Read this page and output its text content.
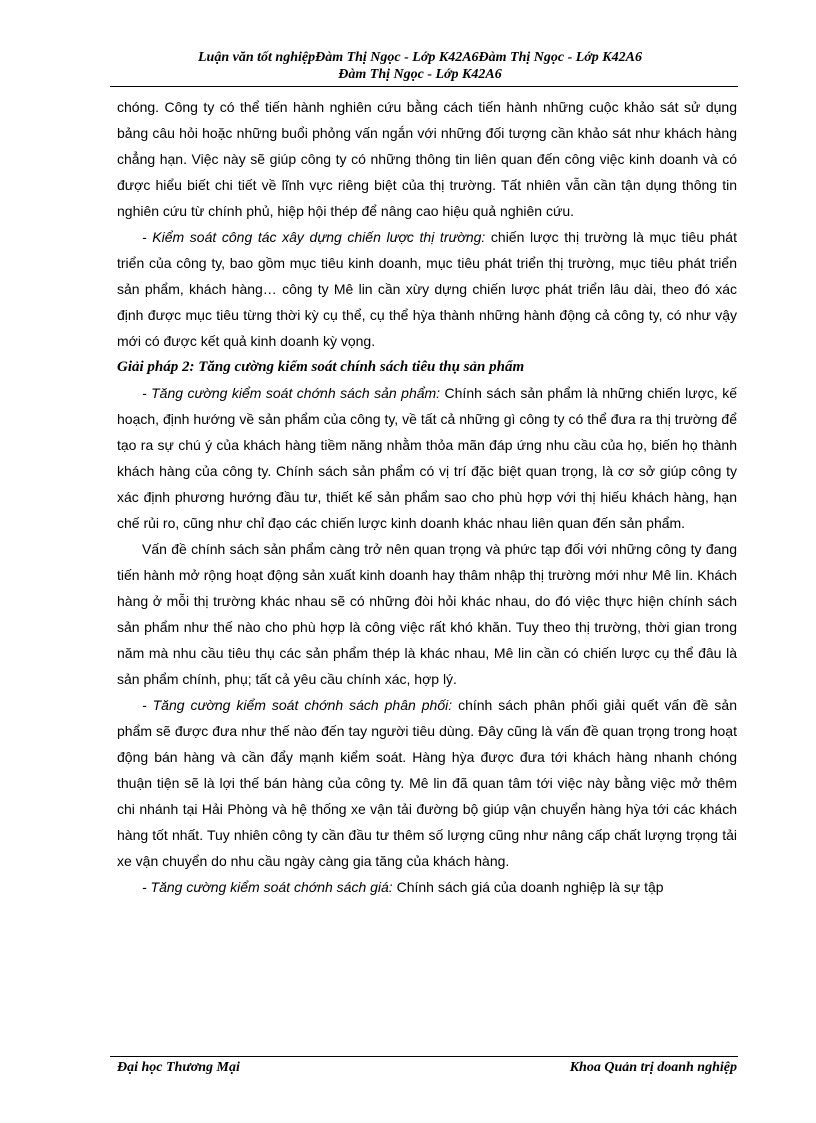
Luận văn tốt nghiệpĐàm Thị Ngọc - Lớp K42A6Đàm Thị Ngọc - Lớp K42A6
Đàm Thị Ngọc - Lớp K42A6

chóng. Công ty có thể tiến hành nghiên cứu bằng cách tiến hành những cuộc khảo sát sử dụng bảng câu hỏi hoặc những buổi phỏng vấn ngắn với những đối tượng cần khảo sát như khách hàng chẳng hạn. Việc này sẽ giúp công ty có những thông tin liên quan đến công việc kinh doanh và có được hiểu biết chi tiết về lĩnh vực riêng biệt của thị trường. Tất nhiên vẫn cần tận dụng thông tin nghiên cứu từ chính phủ, hiệp hội thép để nâng cao hiệu quả nghiên cứu.

- Kiểm soát công tác xây dựng chiến lược thị trường: chiến lược thị trường là mục tiêu phát triển của công ty, bao gồm mục tiêu kinh doanh, mục tiêu phát triển thị trường, mục tiêu phát triển sản phẩm, khách hàng… công ty Mê lin cần xừy dựng chiến lược phát triển lâu dài, theo đó xác định được mục tiêu từng thời kỳ cụ thể, cụ thể hỳa thành những hành động cả công ty, có như vậy mới có được kết quả kinh doanh kỳ vọng.

Giải pháp 2: Tăng cường kiểm soát chính sách tiêu thụ sản phẩm

- Tăng cường kiểm soát chớnh sách sản phẩm: Chính sách sản phẩm là những chiến lược, kế hoạch, định hướng về sản phẩm của công ty, về tất cả những gì công ty có thể đưa ra thị trường để tạo ra sự chú ý của khách hàng tiềm năng nhằm thỏa mãn đáp ứng nhu cầu của họ, biến họ thành khách hàng của công ty. Chính sách sản phẩm có vị trí đặc biệt quan trọng, là cơ sở giúp công ty xác định phương hướng đầu tư, thiết kế sản phẩm sao cho phù hợp với thị hiếu khách hàng, hạn chế rủi ro, cũng như chỉ đạo các chiến lược kinh doanh khác nhau liên quan đến sản phẩm.

Vấn đề chính sách sản phẩm càng trở nên quan trọng và phức tạp đối với những công ty đang tiến hành mở rộng hoạt động sản xuất kinh doanh hay thâm nhập thị trường mới như Mê lin. Khách hàng ở mỗi thị trường khác nhau sẽ có những đòi hỏi khác nhau, do đó việc thực hiện chính sách sản phẩm như thế nào cho phù hợp là công việc rất khó khăn. Tuy theo thị trường, thời gian trong năm mà nhu cầu tiêu thụ các sản phẩm thép là khác nhau, Mê lin cần có chiến lược cụ thể đâu là sản phẩm chính, phụ; tất cả yêu cầu chính xác, hợp lý.

- Tăng cường kiểm soát chớnh sách phân phối: chính sách phân phối giải quết vấn đề sản phẩm sẽ được đưa như thế nào đến tay người tiêu dùng. Đây cũng là vấn đề quan trọng trong hoạt động bán hàng và cần đẩy mạnh kiểm soát. Hàng hỳa được đưa tới khách hàng nhanh chóng thuận tiện sẽ là lợi thế bán hàng của công ty. Mê lin đã quan tâm tới việc này bằng việc mở thêm chi nhánh tại Hải Phòng và hệ thống xe vận tải đường bộ giúp vận chuyển hàng hỳa tới các khách hàng tốt nhất. Tuy nhiên công ty cần đầu tư thêm số lượng cũng như nâng cấp chất lượng trọng tải xe vận chuyển do nhu cầu ngày càng gia tăng của khách hàng.

- Tăng cường kiểm soát chớnh sách giá: Chính sách giá của doanh nghiệp là sự tập

Đại học Thương Mại	Khoa Quản trị doanh nghiệp
